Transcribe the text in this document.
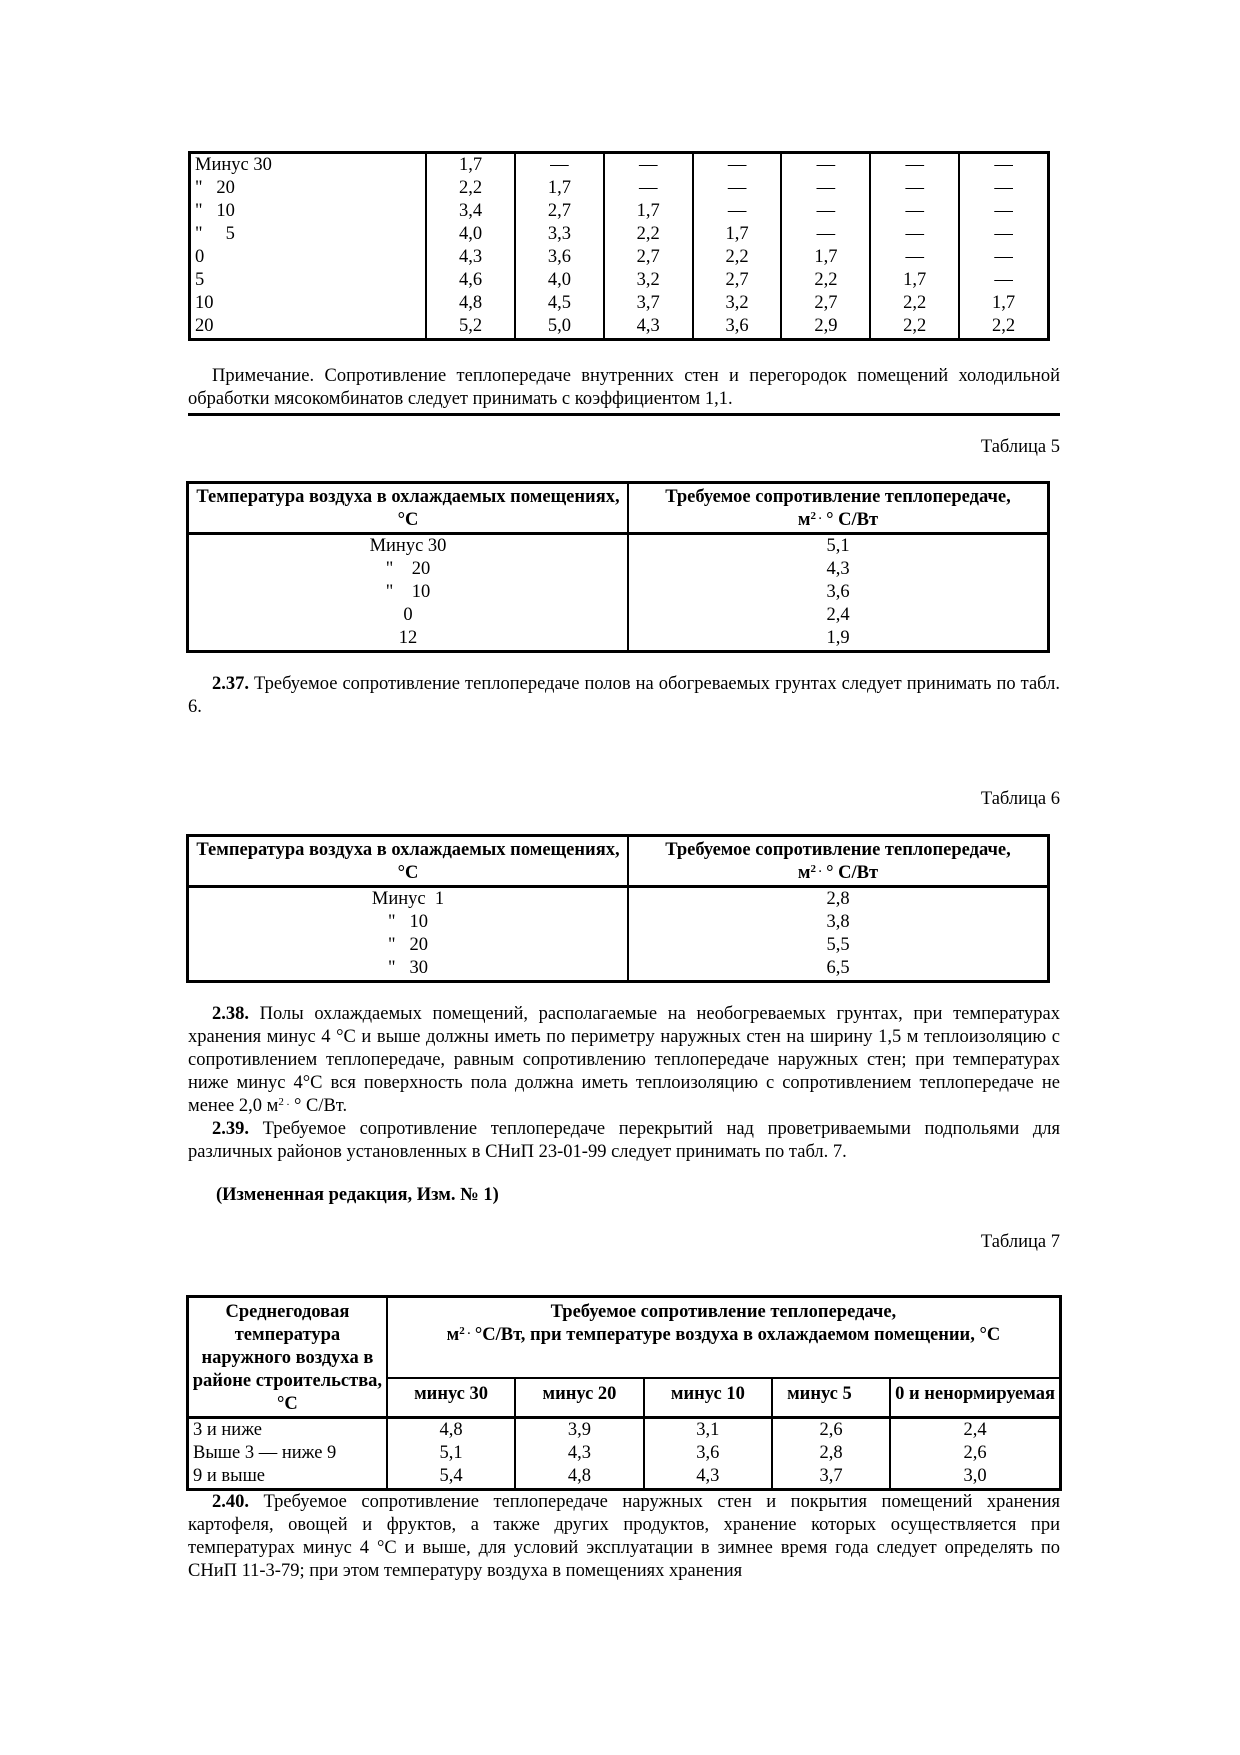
Минус 30	1,7	—	—	—	—	—	—
"   20	2,2	1,7	—	—	—	—	—
"   10	3,4	2,7	1,7	—	—	—	—
"     5	4,0	3,3	2,2	1,7	—	—	—
0	4,3	3,6	2,7	2,2	1,7	—	—
5	4,6	4,0	3,2	2,7	2,2	1,7	—
10	4,8	4,5	3,7	3,2	2,7	2,2	1,7
20	5,2	5,0	4,3	3,6	2,9	2,2	2,2
Примечание. Сопротивление теплопередаче внутренних стен и перегородок помещений холодильной обработки мясокомбинатов следует принимать с коэффициентом 1,1.
Таблица 5
Температура воздуха в охлаждаемых помещениях, °С	Требуемое сопротивление теплопередаче,
$м^{2 .}$ ° С/Вт
Минус 30	5,1
"    20	4,3
"    10	3,6
0	2,4
12	1,9
2.37. Требуемое сопротивление теплопередаче полов на обогреваемых грунтах следует принимать по табл. 6.
Таблица 6
Температура воздуха в охлаждаемых помещениях, °С	Требуемое сопротивление теплопередаче,
$м^{2 .}$ ° С/Вт
Минус  1	2,8
"   10	3,8
"   20	5,5
"   30	6,5
2.38. Полы охлаждаемых помещений, располагаемые на необогреваемых грунтах, при температурах хранения минус 4 °С и выше должны иметь по периметру наружных стен на ширину 1,5 м теплоизоляцию с сопротивлением теплопередаче, равным сопротивлению теплопередаче наружных стен; при температурах ниже минус 4°С вся поверхность пола должна иметь теплоизоляцию с сопротивлением теплопередаче не менее 2,0 $м^{2 .}$ ° С/Вт.
2.39. Требуемое сопротивление теплопередаче перекрытий над проветриваемыми подпольями для различных районов установленных в СНиП 23-01-99 следует принимать по табл. 7.
(Измененная редакция, Изм. № 1)
Таблица 7
Среднегодовая температура наружного воздуха в районе строительства, °С	Требуемое сопротивление теплопередаче,
$м^{2 .}$ °С/Вт, при температуре воздуха в охлаждаемом помещении, °С				
	минус 30	минус 20	минус 10	минус 5	0 и ненормируемая
3 и ниже	4,8	3,9	3,1	2,6	2,4
Выше 3 — ниже 9	5,1	4,3	3,6	2,8	2,6
9 и выше	5,4	4,8	4,3	3,7	3,0
2.40. Требуемое сопротивление теплопередаче наружных стен и покрытия помещений хранения картофеля, овощей и фруктов, а также других продуктов, хранение которых осуществляется при температурах минус 4 °С и выше, для условий эксплуатации в зимнее время года следует определять по СНиП 11-3-79; при этом температуру воздуха в помещениях хранения
